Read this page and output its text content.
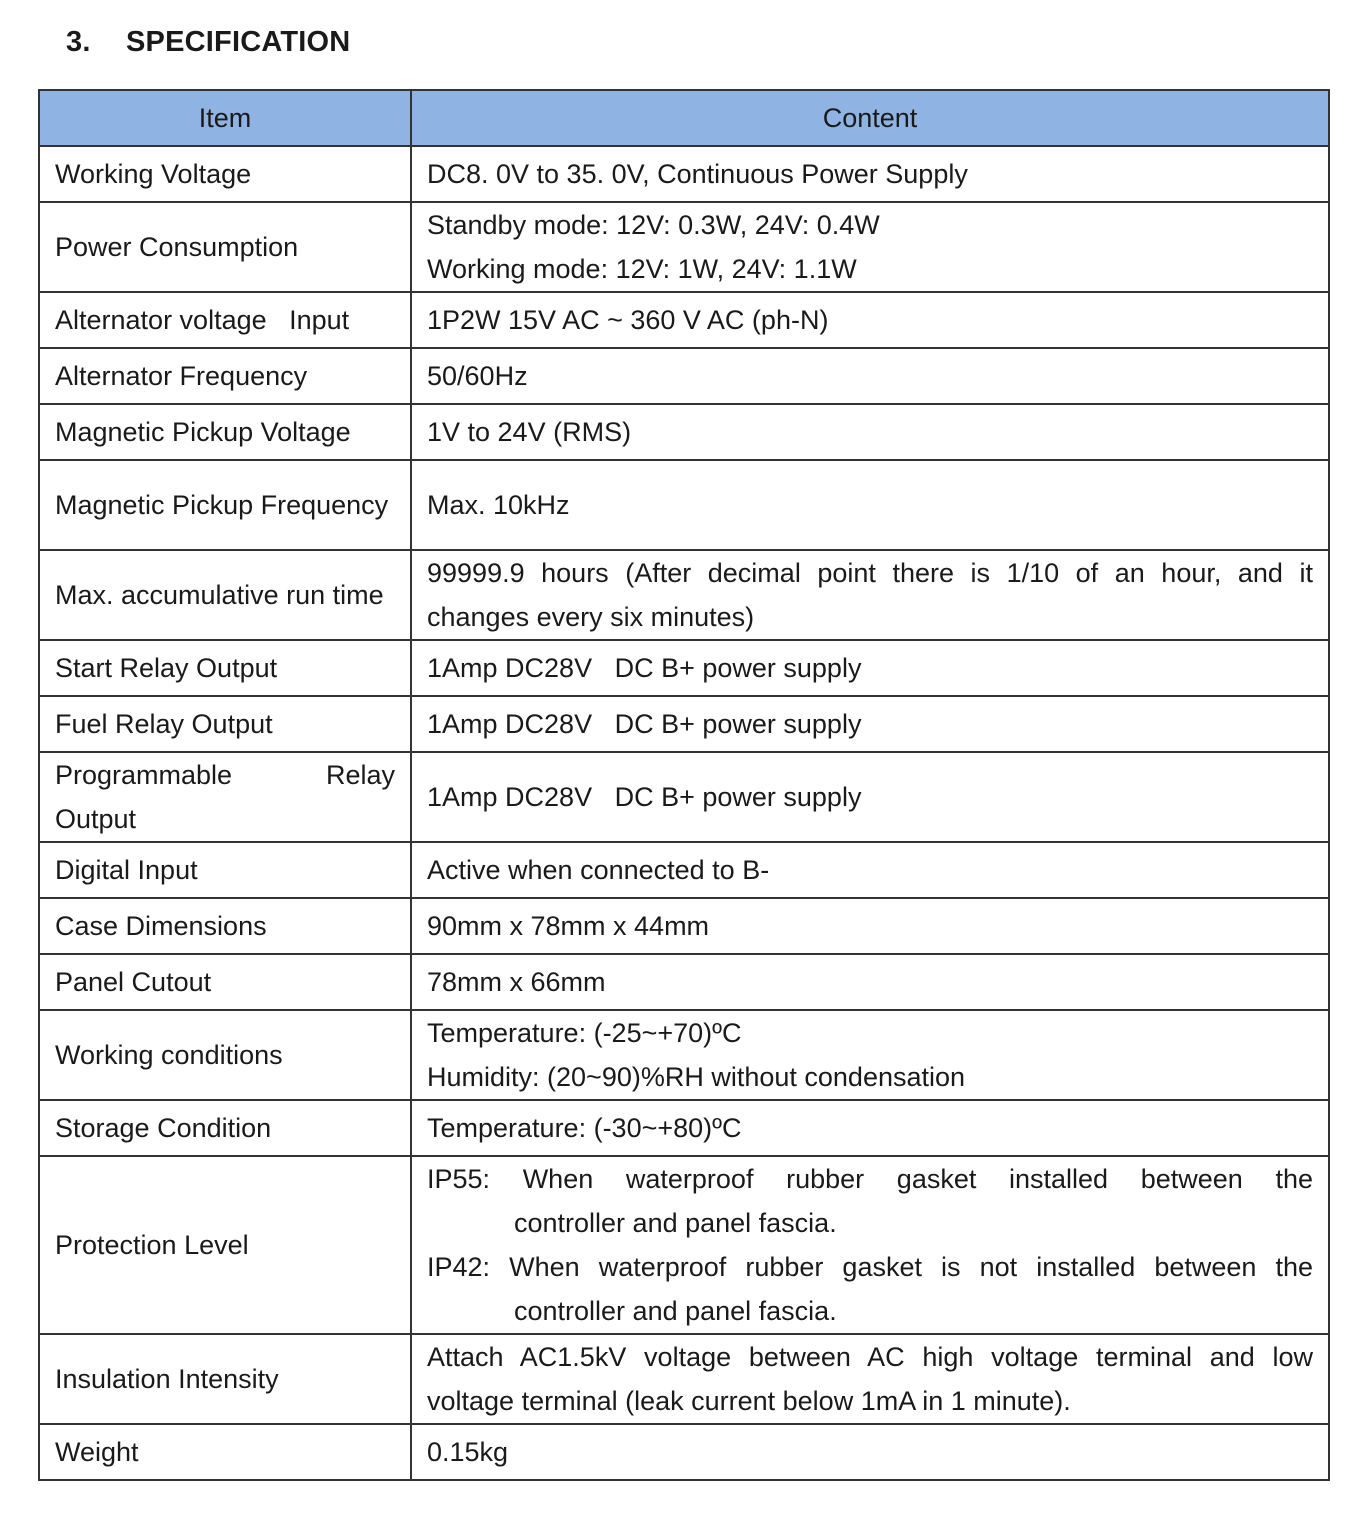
3. SPECIFICATION
Item	Content
Working Voltage	DC8. 0V to 35. 0V, Continuous Power Supply
Power Consumption	Standby mode: 12V: 0.3W, 24V: 0.4W
Working mode: 12V: 1W, 24V: 1.1W

Alternator voltage   Input	1P2W 15V AC ~ 360 V AC (ph-N)
Alternator Frequency	50/60Hz
Magnetic Pickup Voltage	1V to 24V (RMS)
Magnetic Pickup Frequency	Max. 10kHz
Max. accumulative run time	99999.9 hours (After decimal point there is 1/10 of an hour, and it changes every six minutes)
Start Relay Output	1Amp DC28V   DC B+ power supply
Fuel Relay Output	1Amp DC28V   DC B+ power supply
Programmable Relay Output	1Amp DC28V   DC B+ power supply
Digital Input	Active when connected to B-
Case Dimensions	90mm x 78mm x 44mm
Panel Cutout	78mm x 66mm
Working conditions	Temperature: (-25~+70)ºC
Humidity: (20~90)%RH without condensation

Storage Condition	Temperature: (-30~+80)ºC
Protection Level	IP55: When waterproof rubber gasket installed between the
controller and panel fascia.
IP42: When waterproof rubber gasket is not installed between the
controller and panel fascia.

Insulation Intensity	Attach AC1.5kV voltage between AC high voltage terminal and low voltage terminal (leak current below 1mA in 1 minute).
Weight	0.15kg
